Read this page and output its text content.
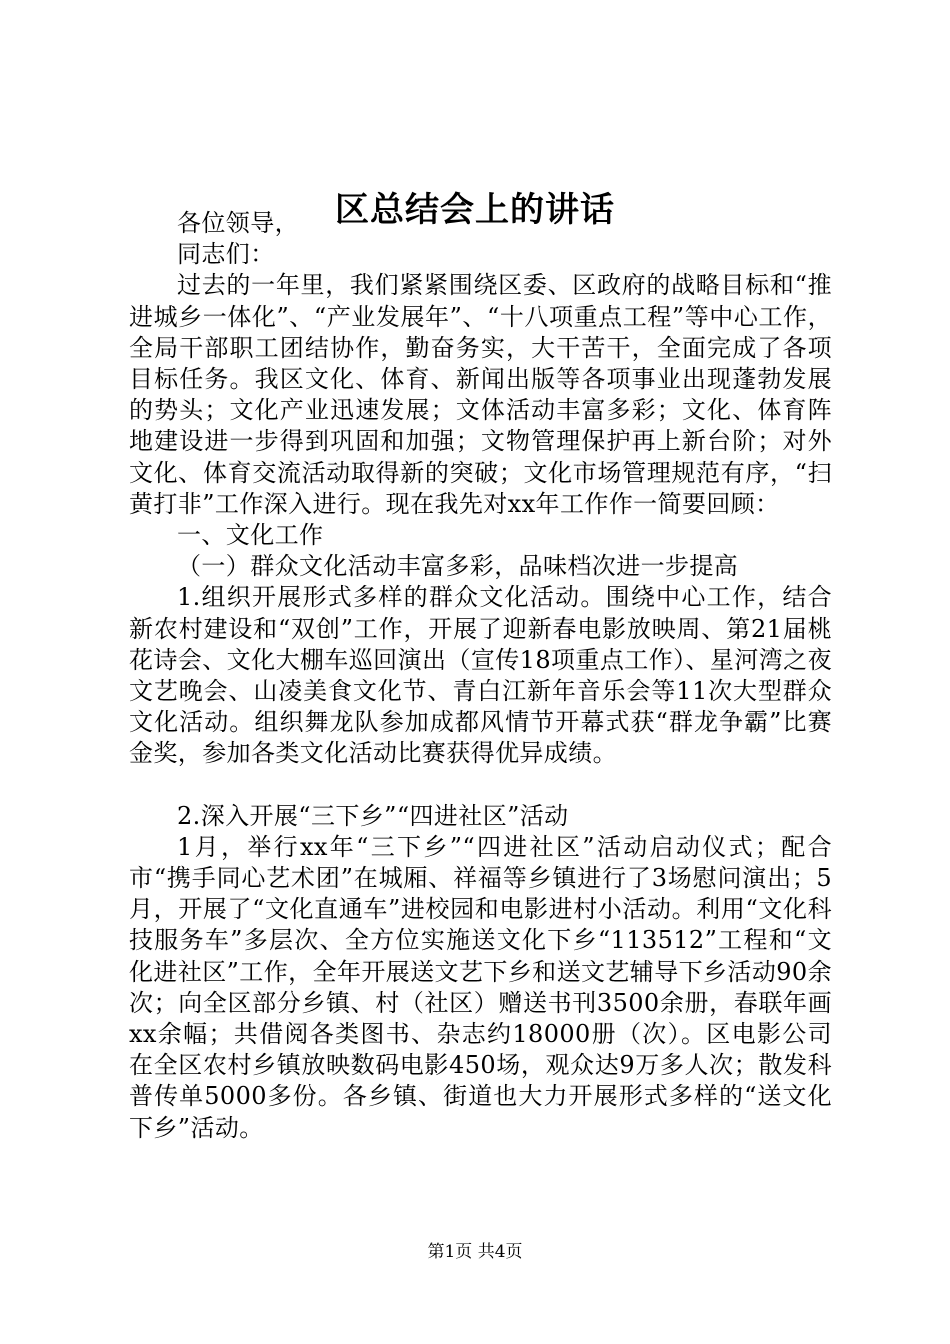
区总结会上的讲话

各位领导，

同志们：

过去的一年里，我们紧紧围绕区委、区政府的战略目标和“推进城乡一体化”、“产业发展年”、“十八项重点工程”等中心工作，全局干部职工团结协作，勤奋务实，大干苦干，全面完成了各项目标任务。我区文化、体育、新闻出版等各项事业出现蓬勃发展的势头；文化产业迅速发展；文体活动丰富多彩；文化、体育阵地建设进一步得到巩固和加强；文物管理保护再上新台阶；对外文化、体育交流活动取得新的突破；文化市场管理规范有序，“扫黄打非”工作深入进行。现在我先对xx年工作作一简要回顾：

一、文化工作

（一）群众文化活动丰富多彩，品味档次进一步提高

1.组织开展形式多样的群众文化活动。围绕中心工作，结合新农村建设和“双创”工作，开展了迎新春电影放映周、第21届桃花诗会、文化大棚车巡回演出（宣传18项重点工作）、星河湾之夜文艺晚会、山凌美食文化节、青白江新年音乐会等11次大型群众文化活动。组织舞龙队参加成都风情节开幕式获“群龙争霸”比赛金奖，参加各类文化活动比赛获得优异成绩。

2.深入开展“三下乡”“四进社区”活动

1月，举行xx年“三下乡”“四进社区”活动启动仪式；配合市“携手同心艺术团”在城厢、祥福等乡镇进行了3场慰问演出；5月，开展了“文化直通车”进校园和电影进村小活动。利用“文化科技服务车”多层次、全方位实施送文化下乡“113512”工程和“文化进社区”工作，全年开展送文艺下乡和送文艺辅导下乡活动90余次；向全区部分乡镇、村（社区）赠送书刊3500余册，春联年画xx余幅；共借阅各类图书、杂志约18000册（次）。区电影公司在全区农村乡镇放映数码电影450场，观众达9万多人次；散发科普传单5000多份。各乡镇、街道也大力开展形式多样的“送文化下乡”活动。

第1页 共4页
